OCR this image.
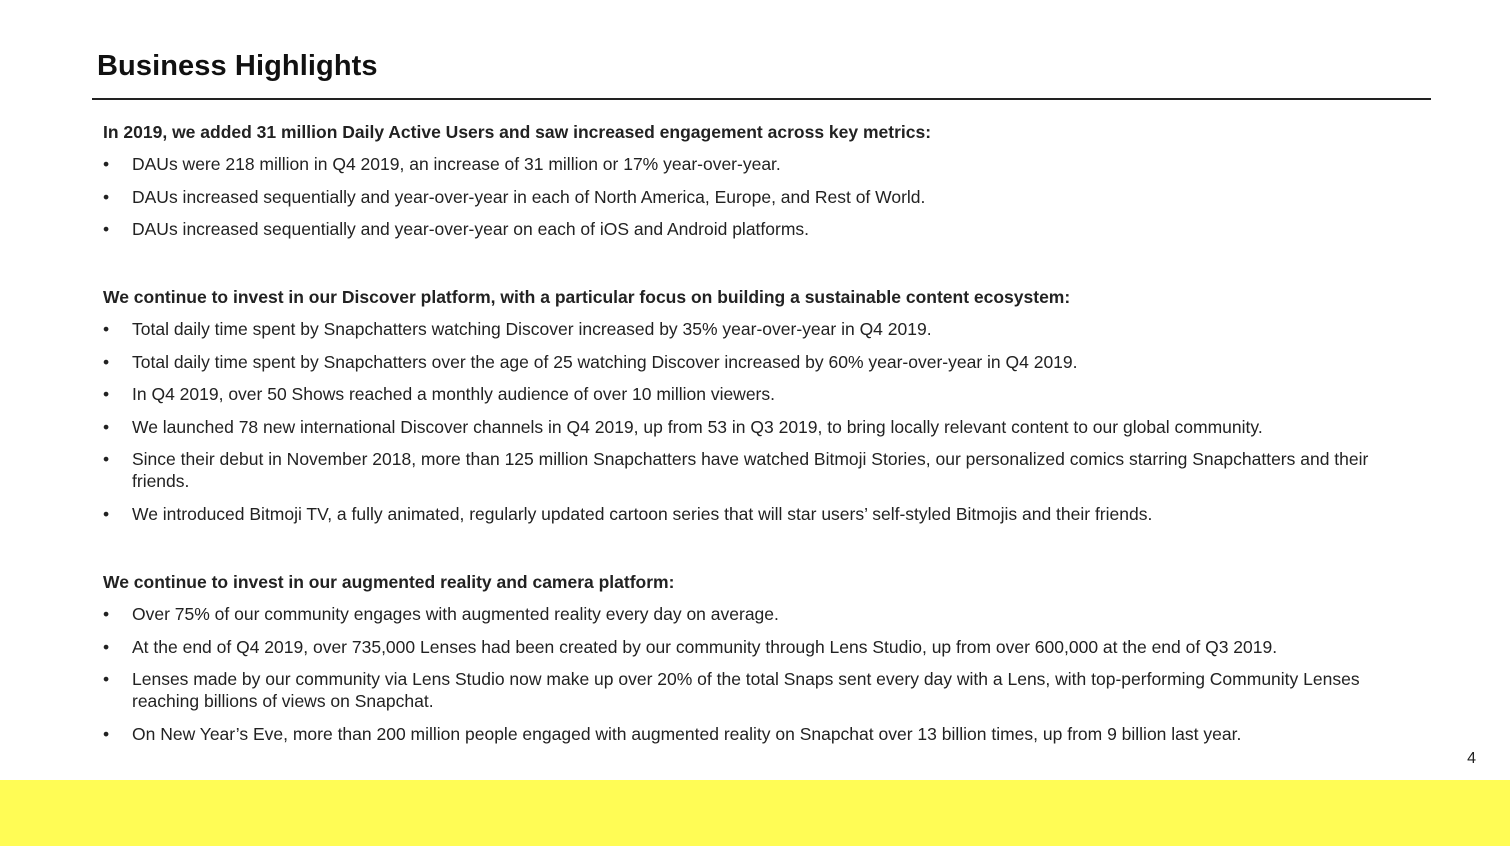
Business Highlights

In 2019, we added 31 million Daily Active Users and saw increased engagement across key metrics:

•	DAUs were 218 million in Q4 2019, an increase of 31 million or 17% year-over-year.
•	DAUs increased sequentially and year-over-year in each of North America, Europe, and Rest of World.
•	DAUs increased sequentially and year-over-year on each of iOS and Android platforms.

We continue to invest in our Discover platform, with a particular focus on building a sustainable content ecosystem:

•	Total daily time spent by Snapchatters watching Discover increased by 35% year-over-year in Q4 2019.
•	Total daily time spent by Snapchatters over the age of 25 watching Discover increased by 60% year-over-year in Q4 2019.
•	In Q4 2019, over 50 Shows reached a monthly audience of over 10 million viewers.
•	We launched 78 new international Discover channels in Q4 2019, up from 53 in Q3 2019, to bring locally relevant content to our global community.
•	Since their debut in November 2018, more than 125 million Snapchatters have watched Bitmoji Stories, our personalized comics starring Snapchatters and their friends.
•	We introduced Bitmoji TV, a fully animated, regularly updated cartoon series that will star users’ self-styled Bitmojis and their friends.

We continue to invest in our augmented reality and camera platform:

•	Over 75% of our community engages with augmented reality every day on average.
•	At the end of Q4 2019, over 735,000 Lenses had been created by our community through Lens Studio, up from over 600,000 at the end of Q3 2019.
•	Lenses made by our community via Lens Studio now make up over 20% of the total Snaps sent every day with a Lens, with top-performing Community Lenses reaching billions of views on Snapchat.
•	On New Year’s Eve, more than 200 million people engaged with augmented reality on Snapchat over 13 billion times, up from 9 billion last year.
4
